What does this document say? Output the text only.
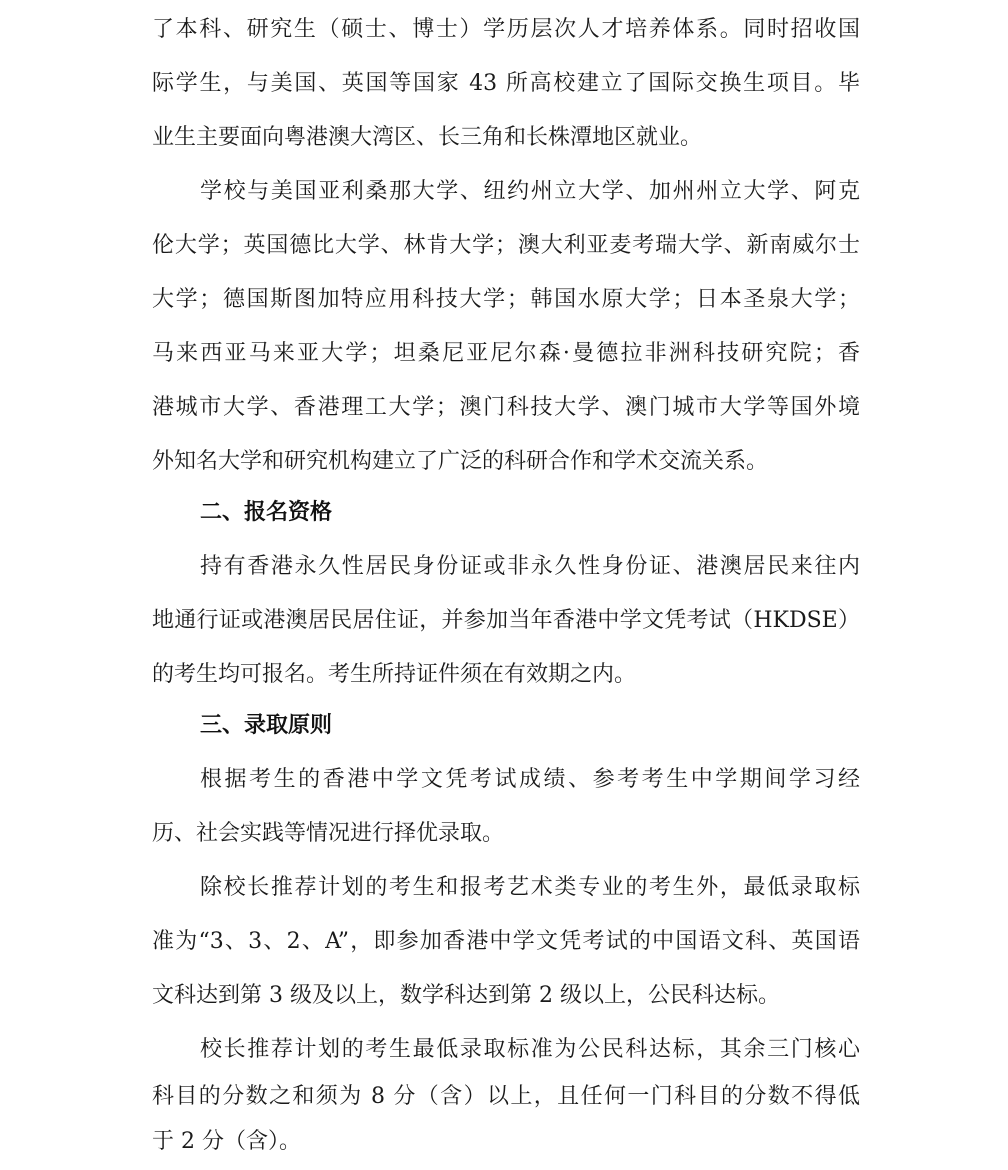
了本科、研究生（硕士、博士）学历层次人才培养体系。同时招收国
际学生，与美国、英国等国家 43 所高校建立了国际交换生项目。毕
业生主要面向粤港澳大湾区、长三角和长株潭地区就业。
学校与美国亚利桑那大学、纽约州立大学、加州州立大学、阿克
伦大学；英国德比大学、林肯大学；澳大利亚麦考瑞大学、新南威尔士
大学；德国斯图加特应用科技大学；韩国水原大学；日本圣泉大学；
马来西亚马来亚大学；坦桑尼亚尼尔森·曼德拉非洲科技研究院；香
港城市大学、香港理工大学；澳门科技大学、澳门城市大学等国外境
外知名大学和研究机构建立了广泛的科研合作和学术交流关系。
二、报名资格
持有香港永久性居民身份证或非永久性身份证、港澳居民来往内
地通行证或港澳居民居住证，并参加当年香港中学文凭考试（HKDSE）
的考生均可报名。考生所持证件须在有效期之内。
三、录取原则
根据考生的香港中学文凭考试成绩、参考考生中学期间学习经
历、社会实践等情况进行择优录取。
除校长推荐计划的考生和报考艺术类专业的考生外，最低录取标
准为“3、3、2、A”，即参加香港中学文凭考试的中国语文科、英国语
文科达到第 3 级及以上，数学科达到第 2 级以上，公民科达标。
校长推荐计划的考生最低录取标准为公民科达标，其余三门核心
科目的分数之和须为 8 分（含）以上，且任何一门科目的分数不得低
于 2 分（含）。
